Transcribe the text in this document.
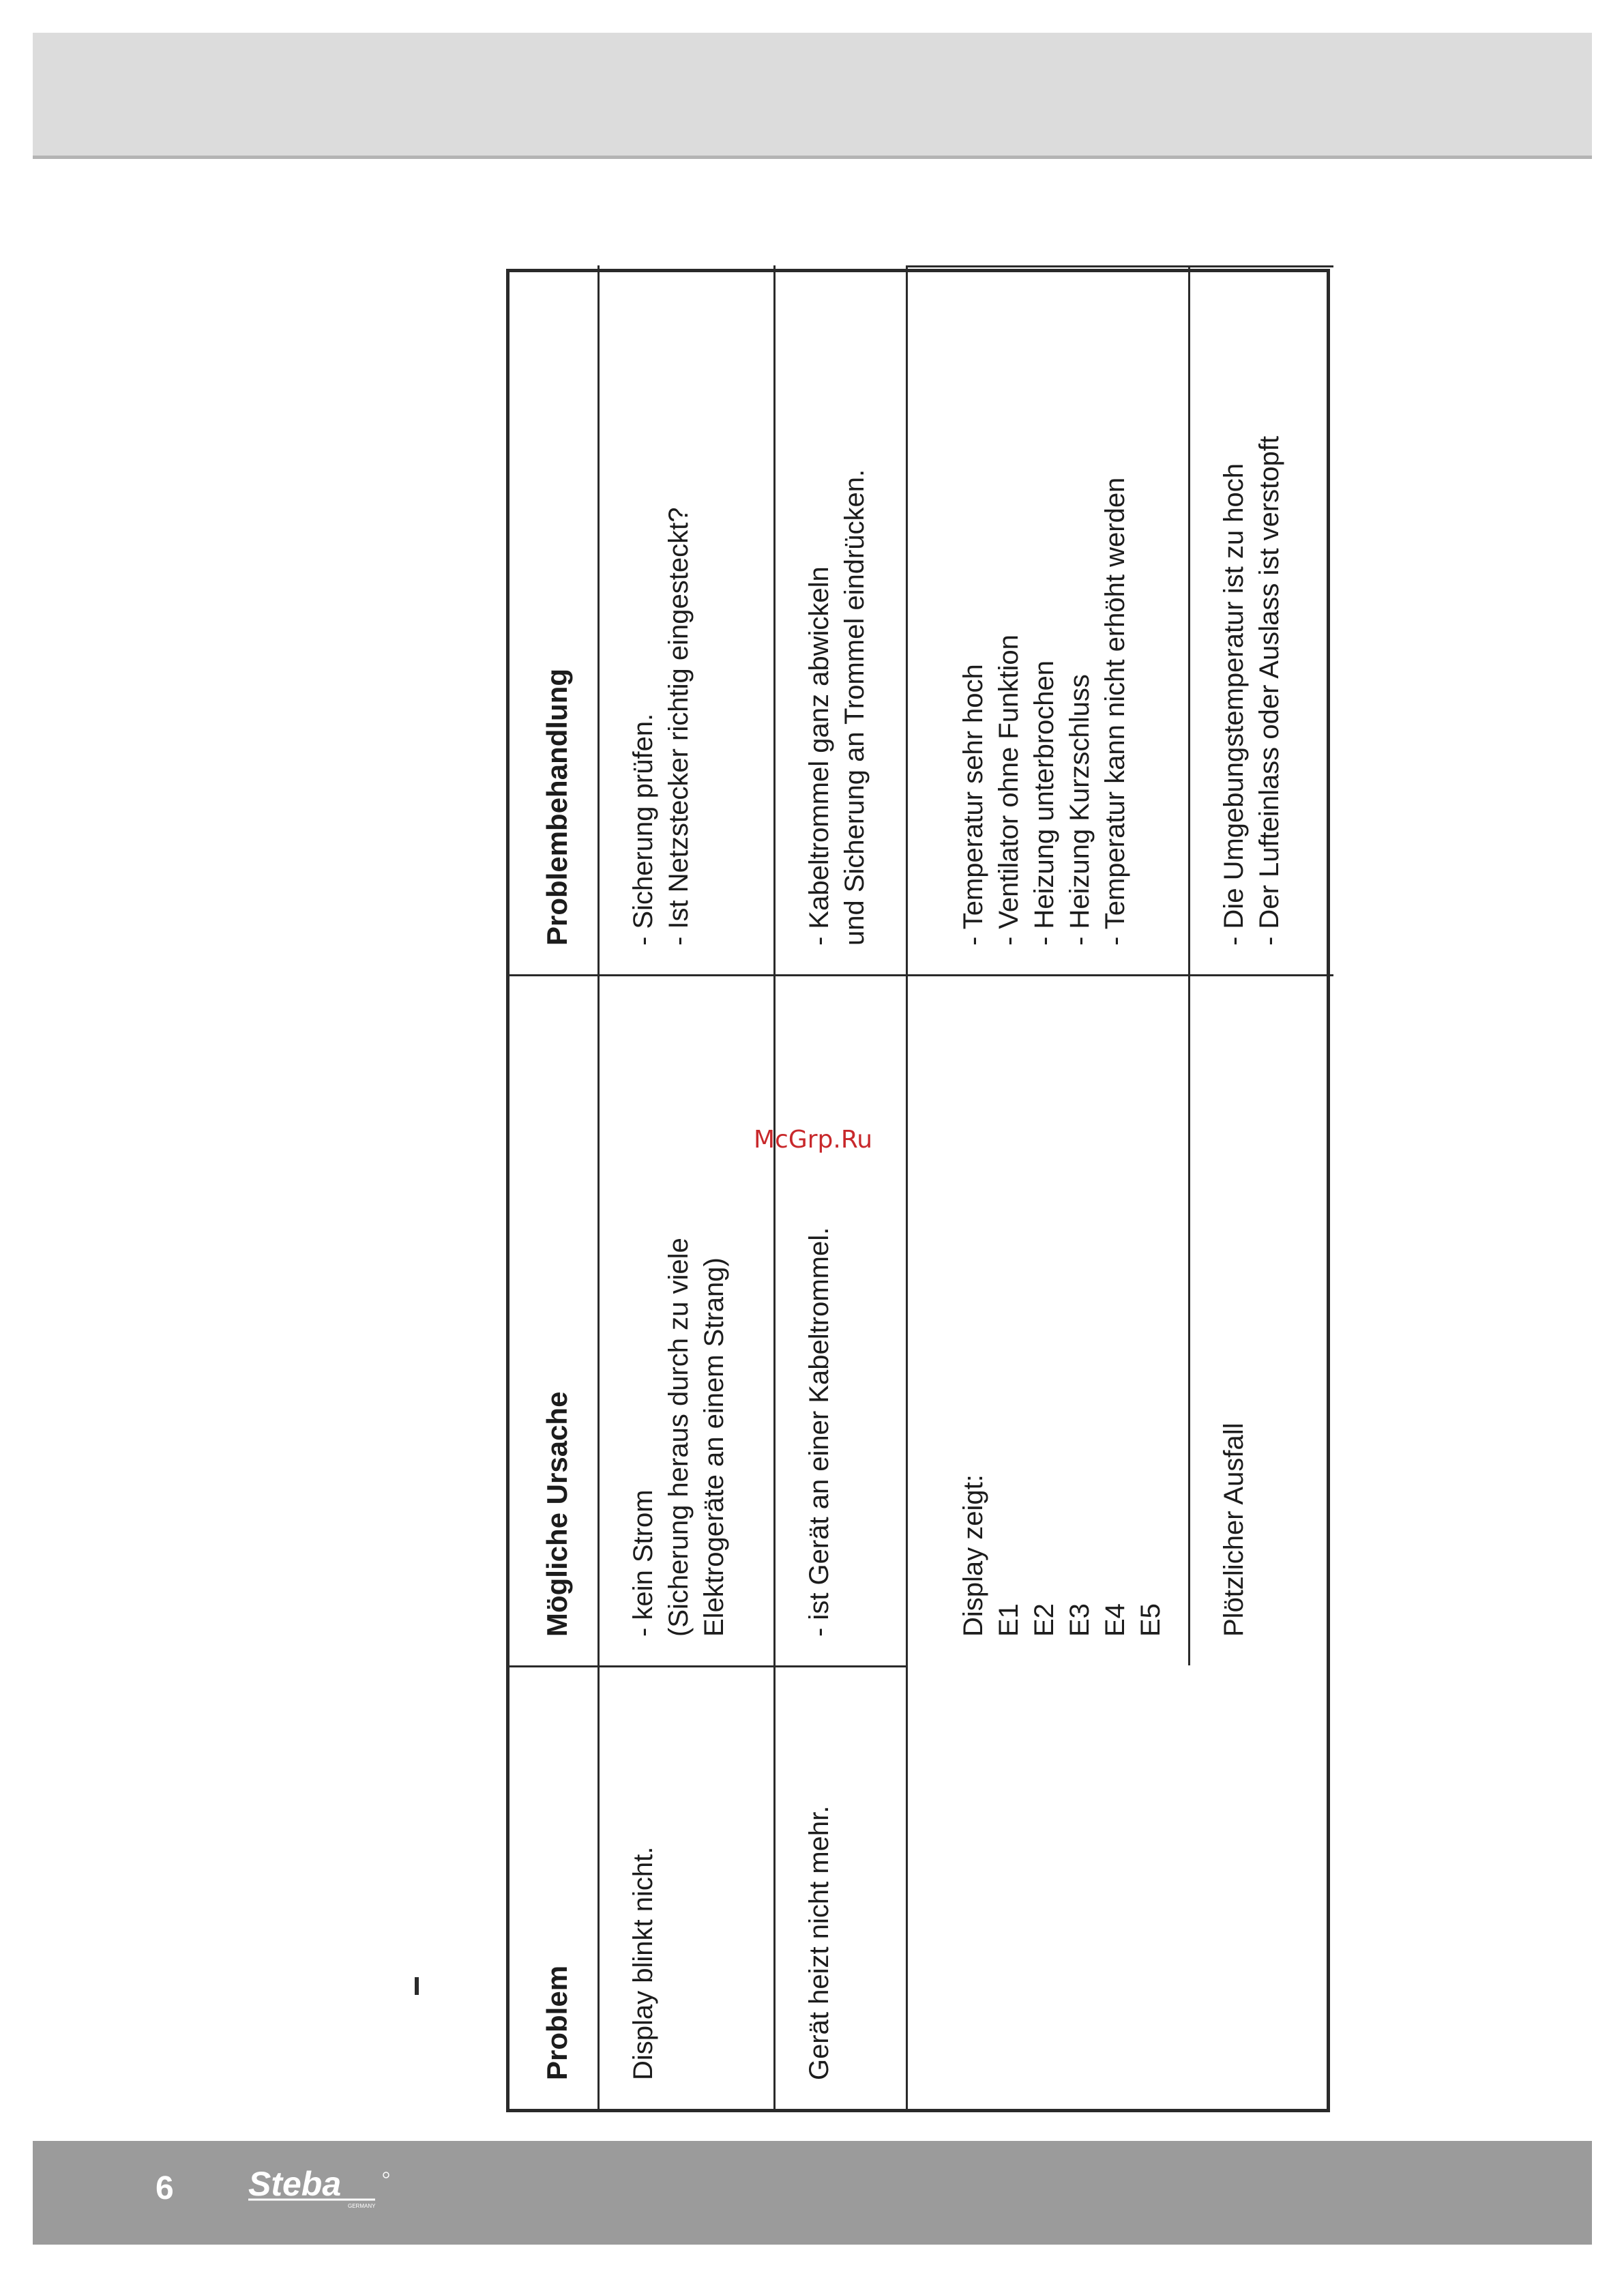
Problem
Mögliche Ursache
Problembehandlung
Display blinkt nicht.
- kein Strom
(Sicherung heraus durch zu viele
Elektrogeräte an einem Strang)
- Sicherung prüfen.
- Ist Netzstecker richtig eingesteckt?
Gerät heizt nicht mehr.
- ist Gerät an einer Kabeltrommel.
- Kabeltrommel ganz abwickeln
und Sicherung an Trommel eindrücken.
Display zeigt:
E1
E2
E3
E4
E5
- Temperatur sehr hoch
- Ventilator ohne Funktion
- Heizung unterbrochen
- Heizung Kurzschluss
- Temperatur kann nicht erhöht werden
Plötzlicher Ausfall
- Die Umgebungstemperatur ist zu hoch
- Der Lufteinlass oder Auslass ist verstopft
McGrp.Ru
6 Steba
GERMANY
